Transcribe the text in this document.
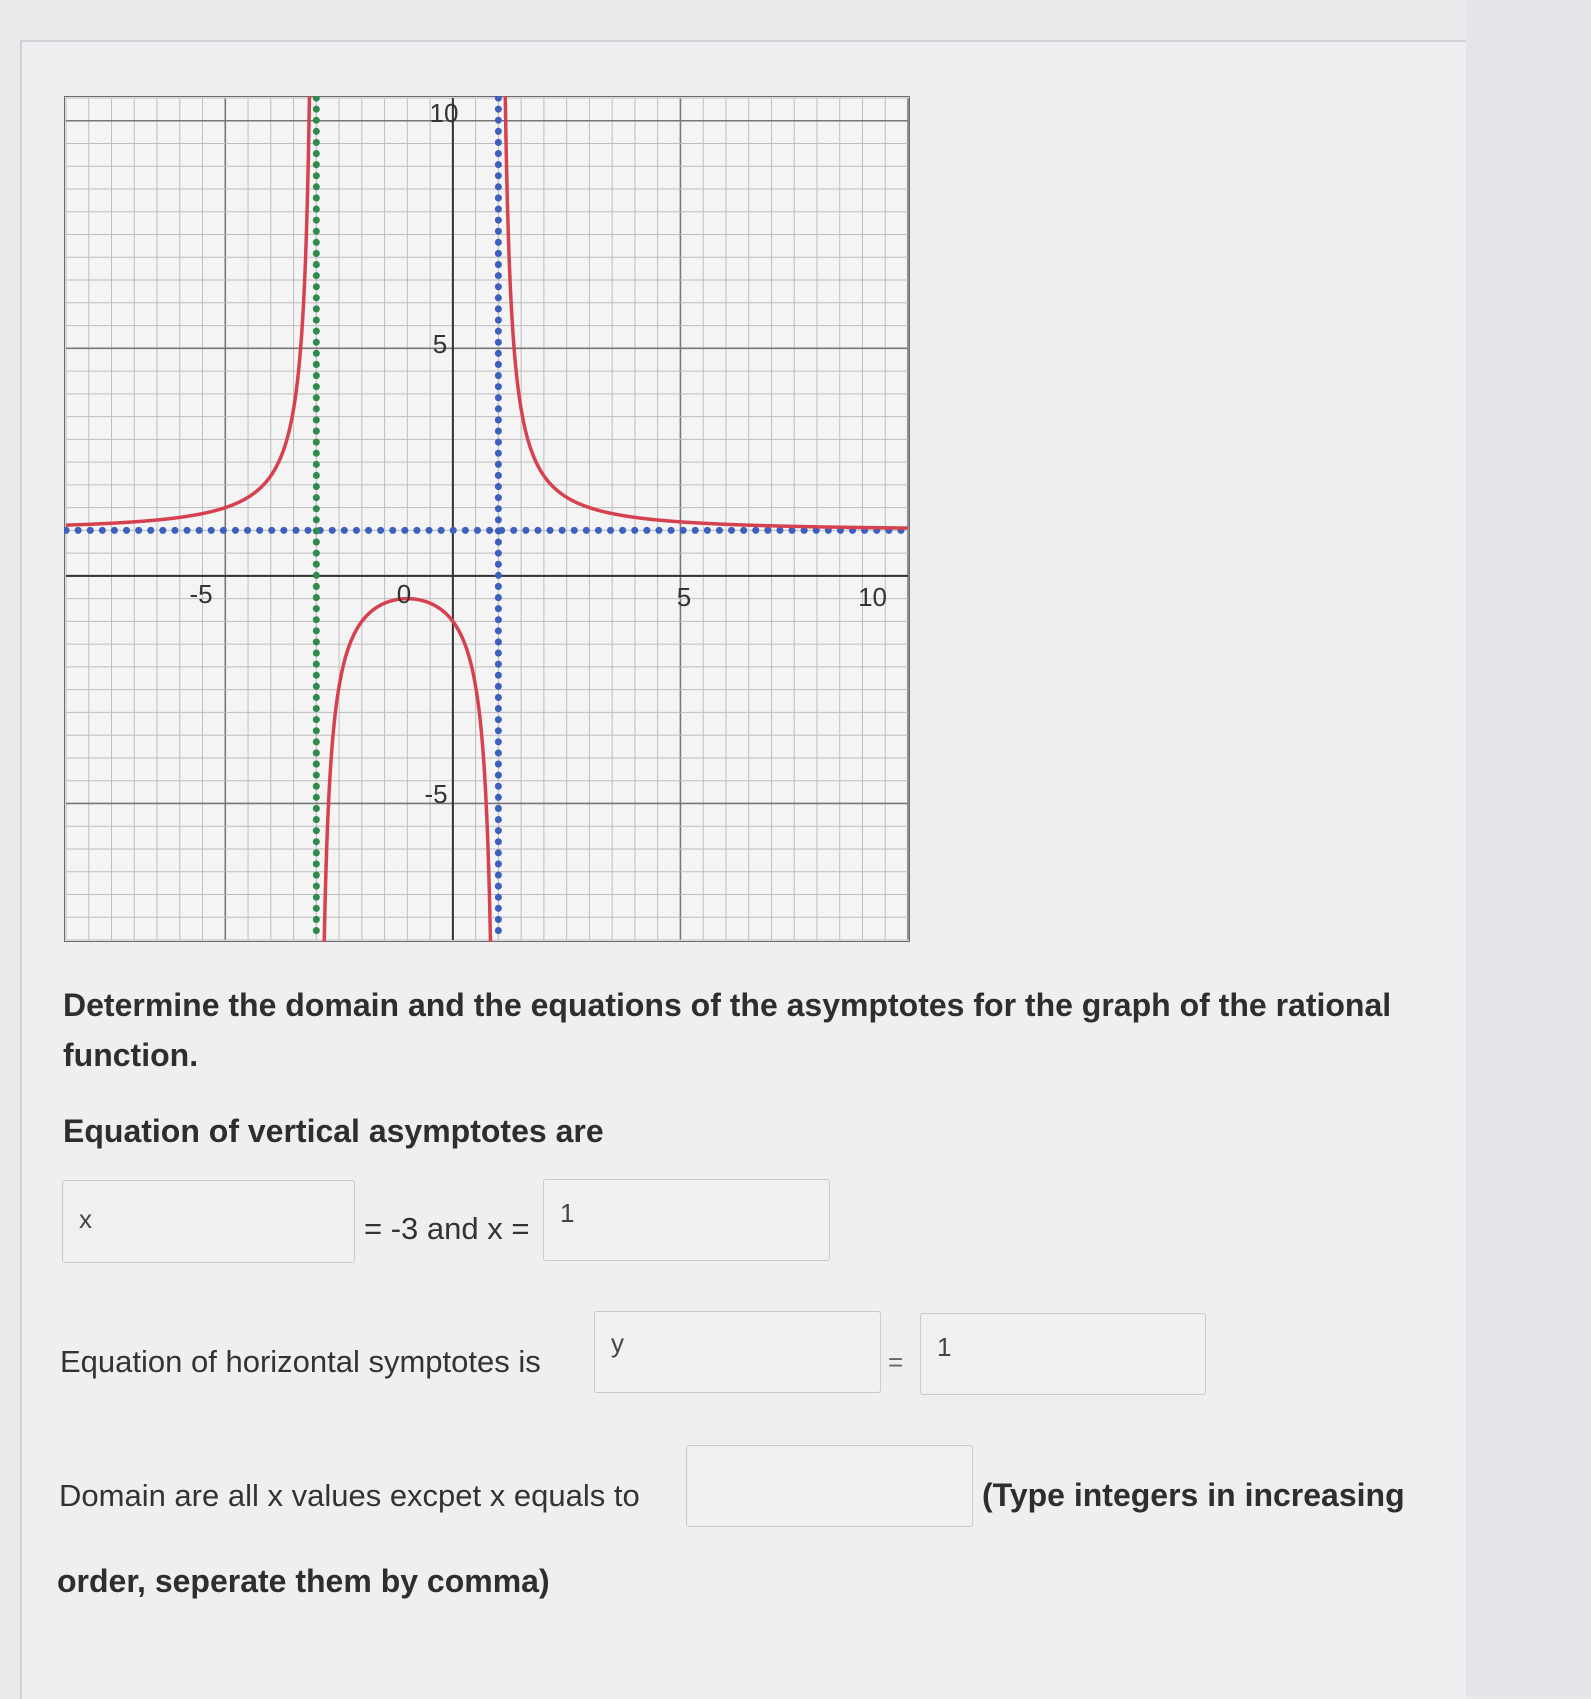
-5	0	5	10
10
5
-5
Determine the domain and the equations of the asymptotes for the graph of the rational function.
Equation of vertical asymptotes are
x	= -3 and x =	1
Equation of horizontal symptotes is
y
=	1
Domain are all x values excpet x equals to	(Type integers in increasing
order, seperate them by comma)
